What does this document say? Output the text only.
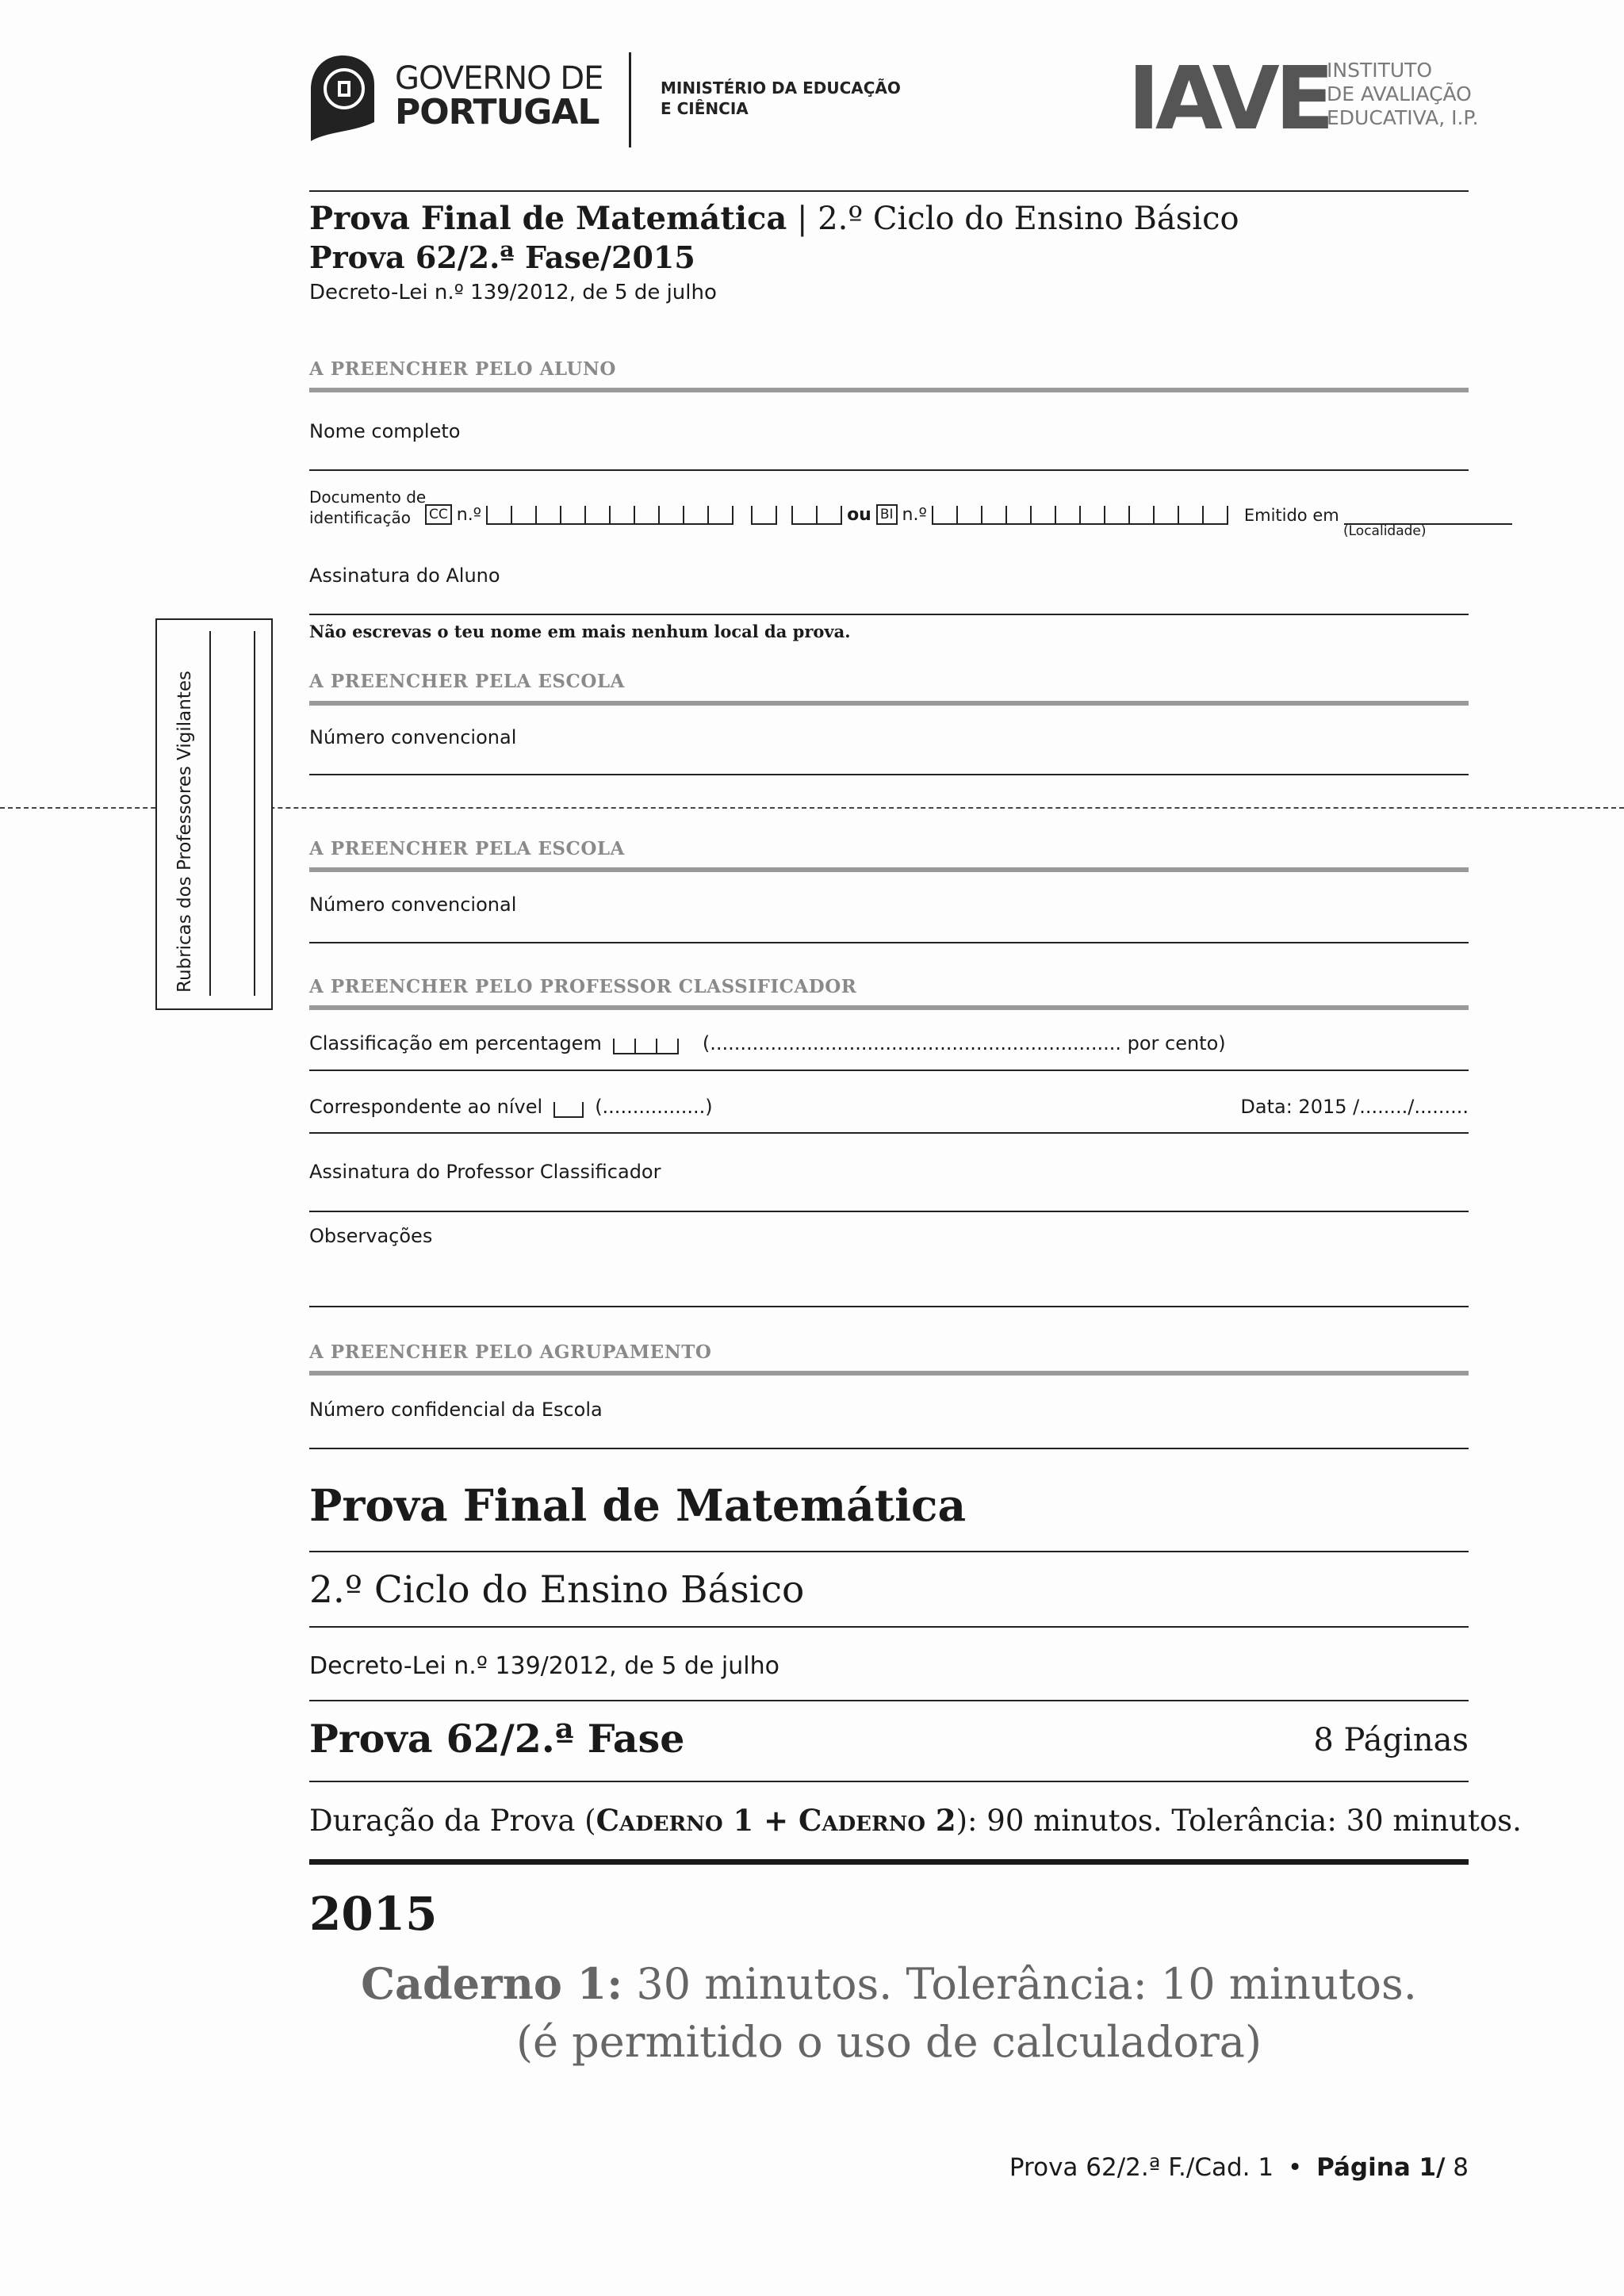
GOVERNO DE
PORTUGAL
MINISTÉRIO DA EDUCAÇÃO
E CIÊNCIA	IAVE
INSTITUTO
DE AVALIAÇÃO
EDUCATIVA, I.P.
Prova Final de Matemática | 2.º Ciclo do Ensino Básico
Prova 62/2.ª Fase/2015
Decreto-Lei n.º 139/2012, de 5 de julho
A PREENCHER PELO ALUNO
Nome completo
Documento de
identificação	CC n.º	ou BI n.º	Emitido em
(Localidade)
Assinatura do Aluno
Não escrevas o teu nome em mais nenhum local da prova.
A PREENCHER PELA ESCOLA
Número convencional
Rubricas dos Professores Vigilantes	A PREENCHER PELA ESCOLA
Número convencional
A PREENCHER PELO PROFESSOR CLASSIFICADOR
Classificação em percentagem	(.................................................................... por cento)
Correspondente ao nível	(.................)	Data: 2015 /......../.........
Assinatura do Professor Classificador
Observações
A PREENCHER PELO AGRUPAMENTO
Número confidencial da Escola
Prova Final de Matemática
2.º Ciclo do Ensino Básico
Decreto-Lei n.º 139/2012, de 5 de julho
Prova 62/2.ª Fase	8 Páginas
Duração da Prova (Caderno 1 + Caderno 2): 90 minutos. Tolerância: 30 minutos.
2015
Caderno 1: 30 minutos. Tolerância: 10 minutos.
(é permitido o uso de calculadora)
Prova 62/2.ª F./Cad. 1 • Página 1/ 8
